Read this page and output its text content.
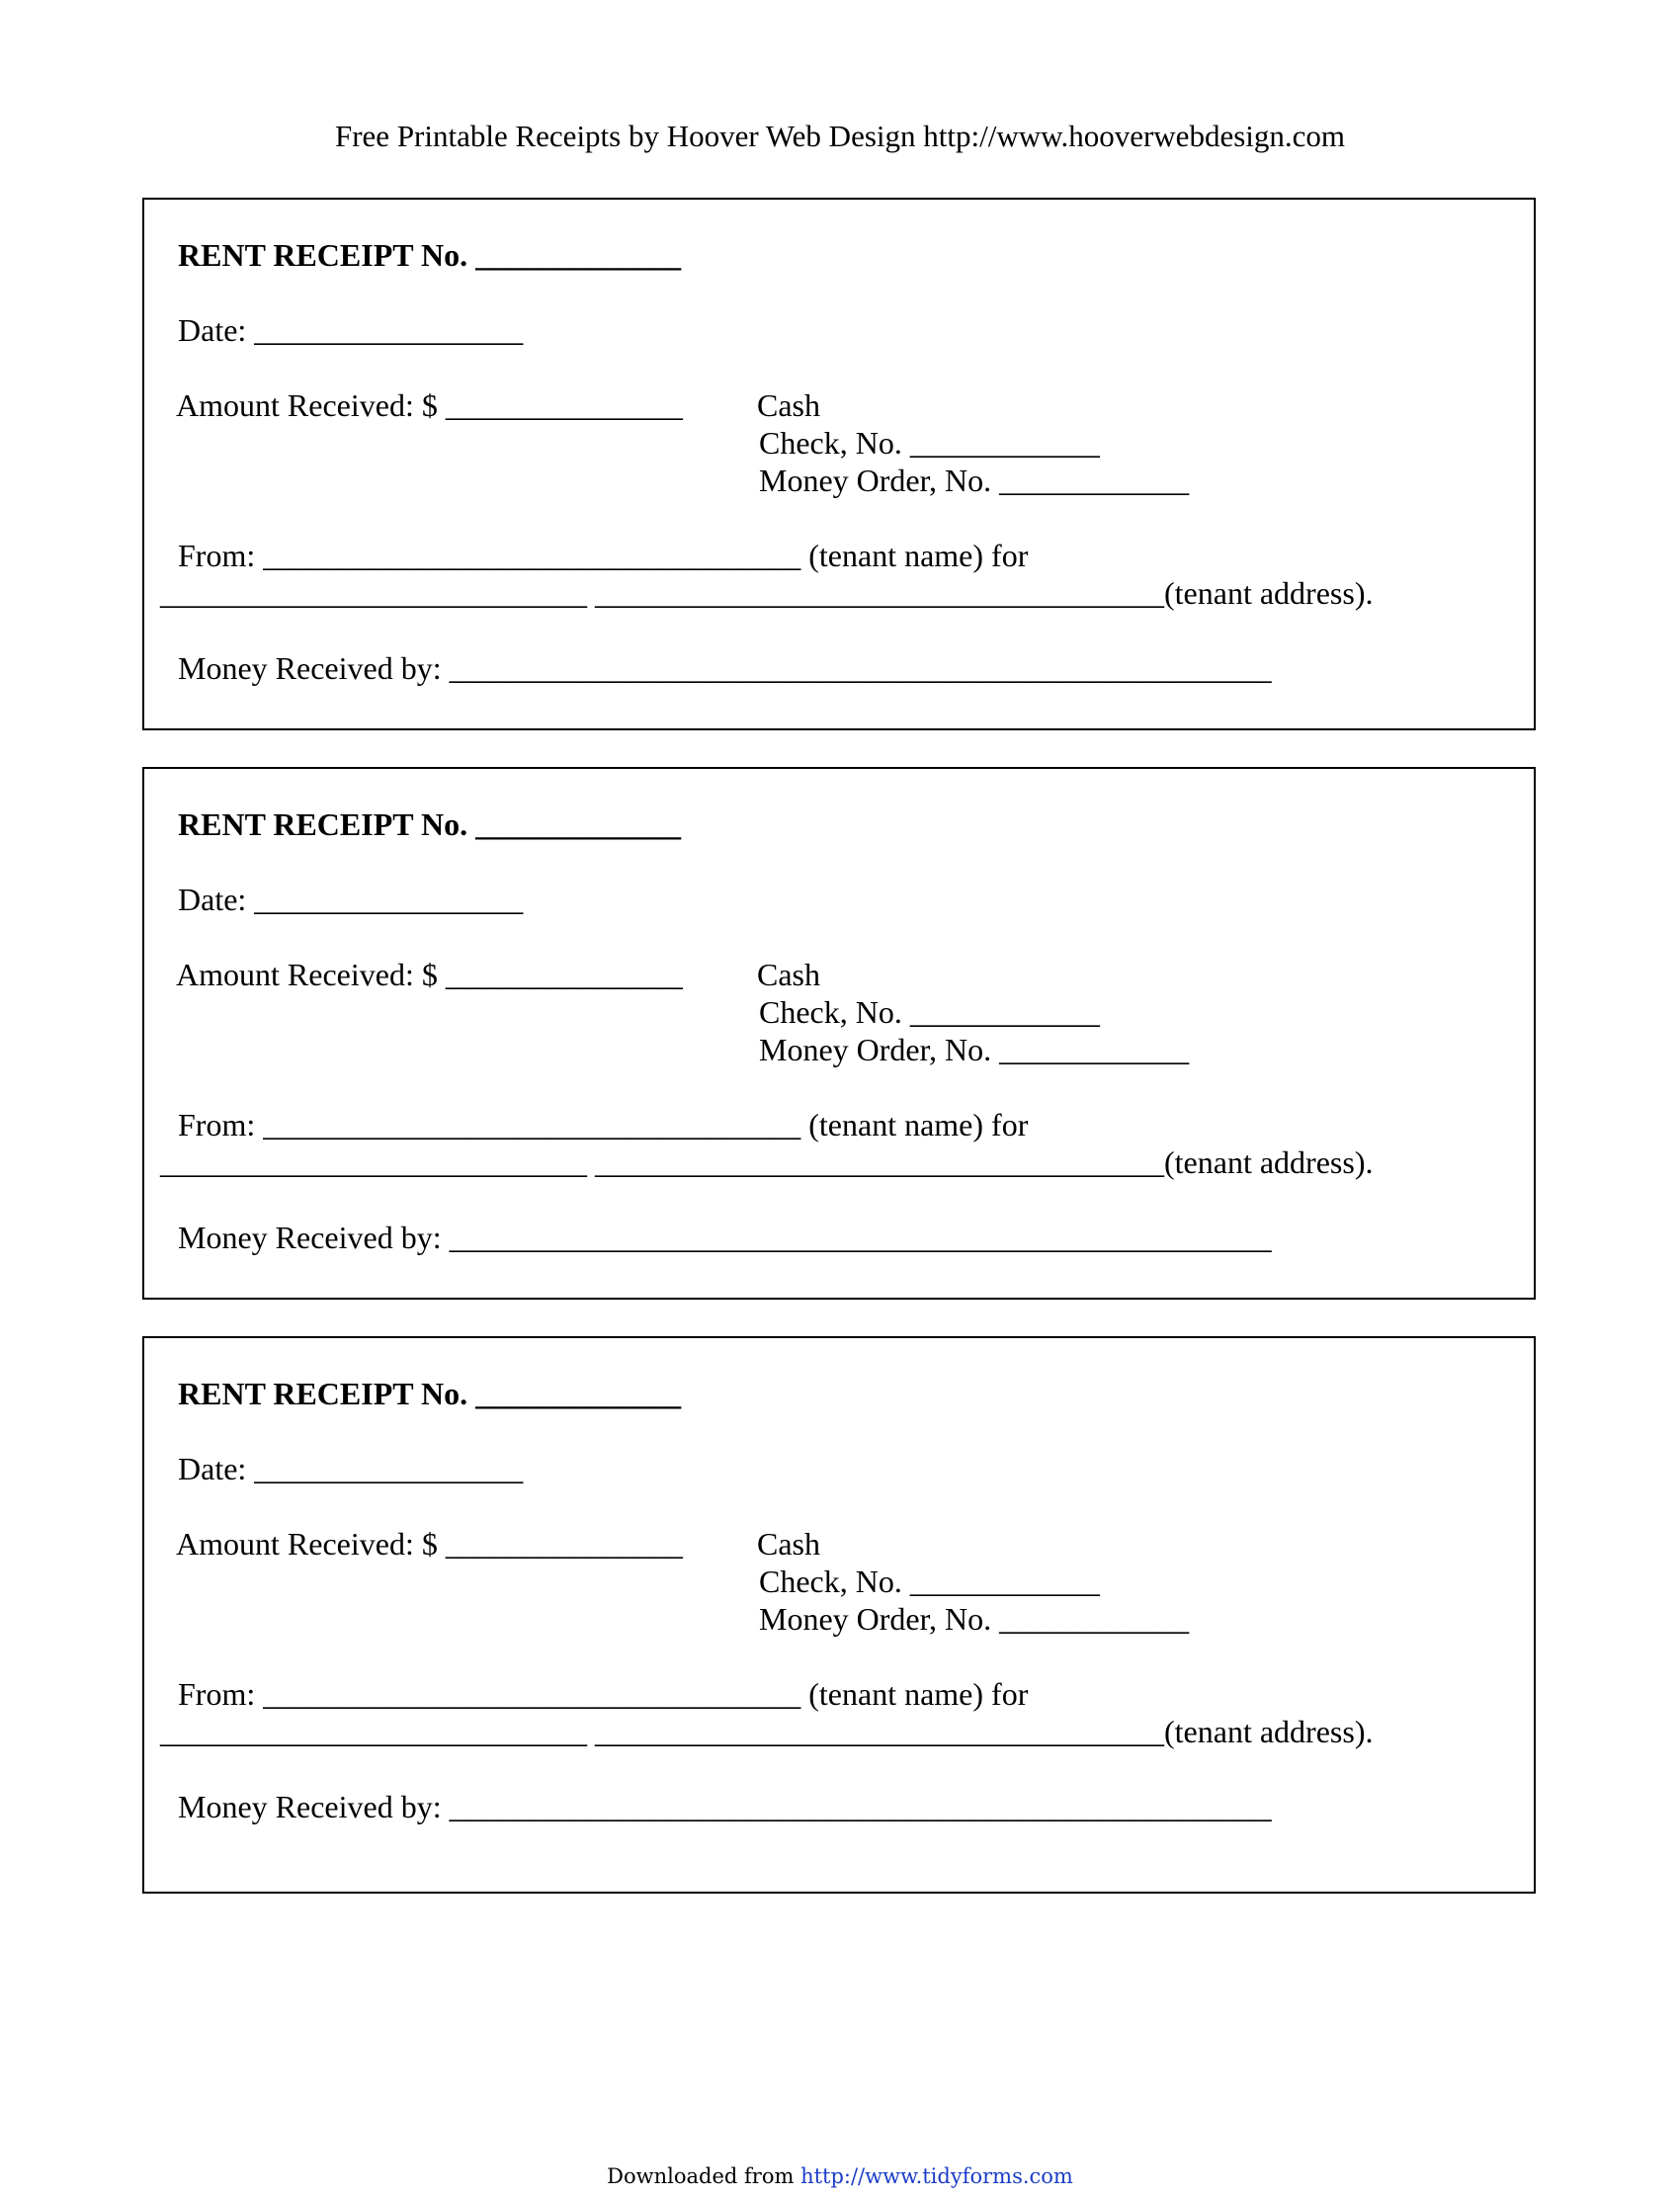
Free Printable Receipts by Hoover Web Design http://www.hooverwebdesign.com
RENT RECEIPT No. _____________
Date: _________________
Amount Received: $ _______________ Cash
Check, No. ____________
Money Order, No. ____________
From: __________________________________ (tenant name) for
___________________________ ____________________________________(tenant address).
Money Received by: ____________________________________________________
RENT RECEIPT No. _____________
Date: _________________
Amount Received: $ _______________ Cash
Check, No. ____________
Money Order, No. ____________
From: __________________________________ (tenant name) for
___________________________ ____________________________________(tenant address).
Money Received by: ____________________________________________________
RENT RECEIPT No. _____________
Date: _________________
Amount Received: $ _______________ Cash
Check, No. ____________
Money Order, No. ____________
From: __________________________________ (tenant name) for
___________________________ ____________________________________(tenant address).
Money Received by: ____________________________________________________
Downloaded from http://www.tidyforms.com
